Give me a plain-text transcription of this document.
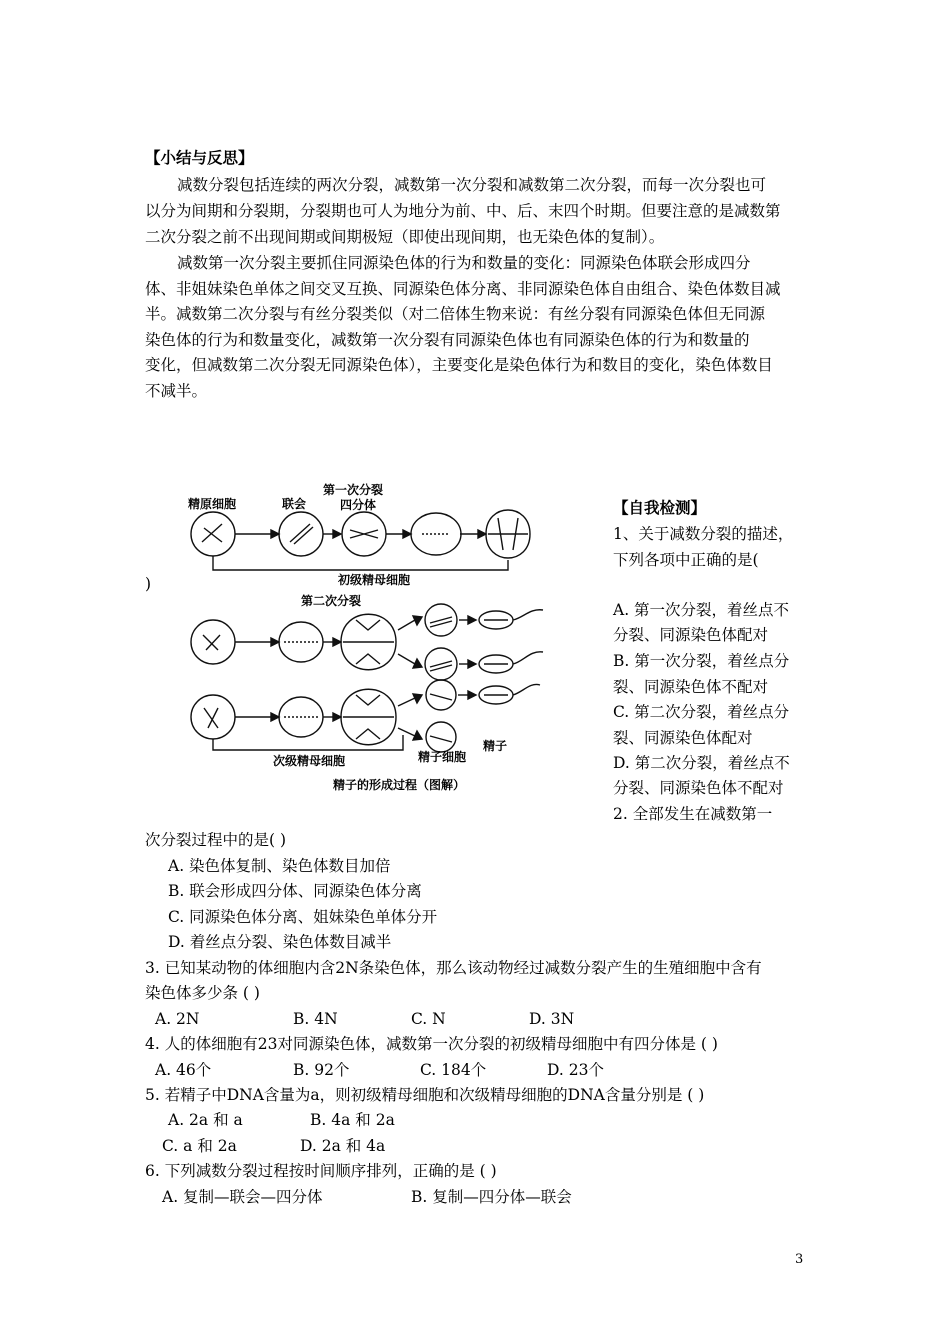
【小结与反思】
减数分裂包括连续的两次分裂，减数第一次分裂和减数第二次分裂，而每一次分裂也可
以分为间期和分裂期，分裂期也可人为地分为前、中、后、末四个时期。但要注意的是减数第
二次分裂之前不出现间期或间期极短（即使出现间期，也无染色体的复制）。
减数第一次分裂主要抓住同源染色体的行为和数量的变化：同源染色体联会形成四分
体、非姐妹染色单体之间交叉互换、同源染色体分离、非同源染色体自由组合、染色体数目减
半。减数第二次分裂与有丝分裂类似（对二倍体生物来说：有丝分裂有同源染色体但无同源
染色体的行为和数量变化，减数第一次分裂有同源染色体也有同源染色体的行为和数量的
变化，但减数第二次分裂无同源染色体），主要变化是染色体行为和数目的变化，染色体数目
不减半。
精原细胞	联会
第一次分裂
四分体
初级精母细胞
第二次分裂
次级精母细胞	精子细胞
精子
精子的形成过程（图解）
)
【自我检测】
1、关于减数分裂的描述，
下列各项中正确的是(
A. 第一次分裂，着丝点不
分裂、同源染色体配对
B. 第一次分裂，着丝点分
裂、同源染色体不配对
C. 第二次分裂，着丝点分
裂、同源染色体配对
D. 第二次分裂，着丝点不
分裂、同源染色体不配对
2. 全部发生在减数第一
次分裂过程中的是( )
A. 染色体复制、染色体数目加倍
B. 联会形成四分体、同源染色体分离
C. 同源染色体分离、姐妹染色单体分开
D. 着丝点分裂、染色体数目减半
3. 已知某动物的体细胞内含2N条染色体，那么该动物经过减数分裂产生的生殖细胞中含有
染色体多少条 ( )
A. 2N	B. 4N	C. N	D. 3N
4. 人的体细胞有23对同源染色体，减数第一次分裂的初级精母细胞中有四分体是 ( )
A. 46个	B. 92个	C. 184个	D. 23个
5. 若精子中DNA含量为a，则初级精母细胞和次级精母细胞的DNA含量分别是 ( )
A. 2a 和 a	B. 4a 和 2a
C. a 和 2a	D. 2a 和 4a
6. 下列减数分裂过程按时间顺序排列，正确的是 ( )
A. 复制—联会—四分体	B. 复制—四分体—联会
3
